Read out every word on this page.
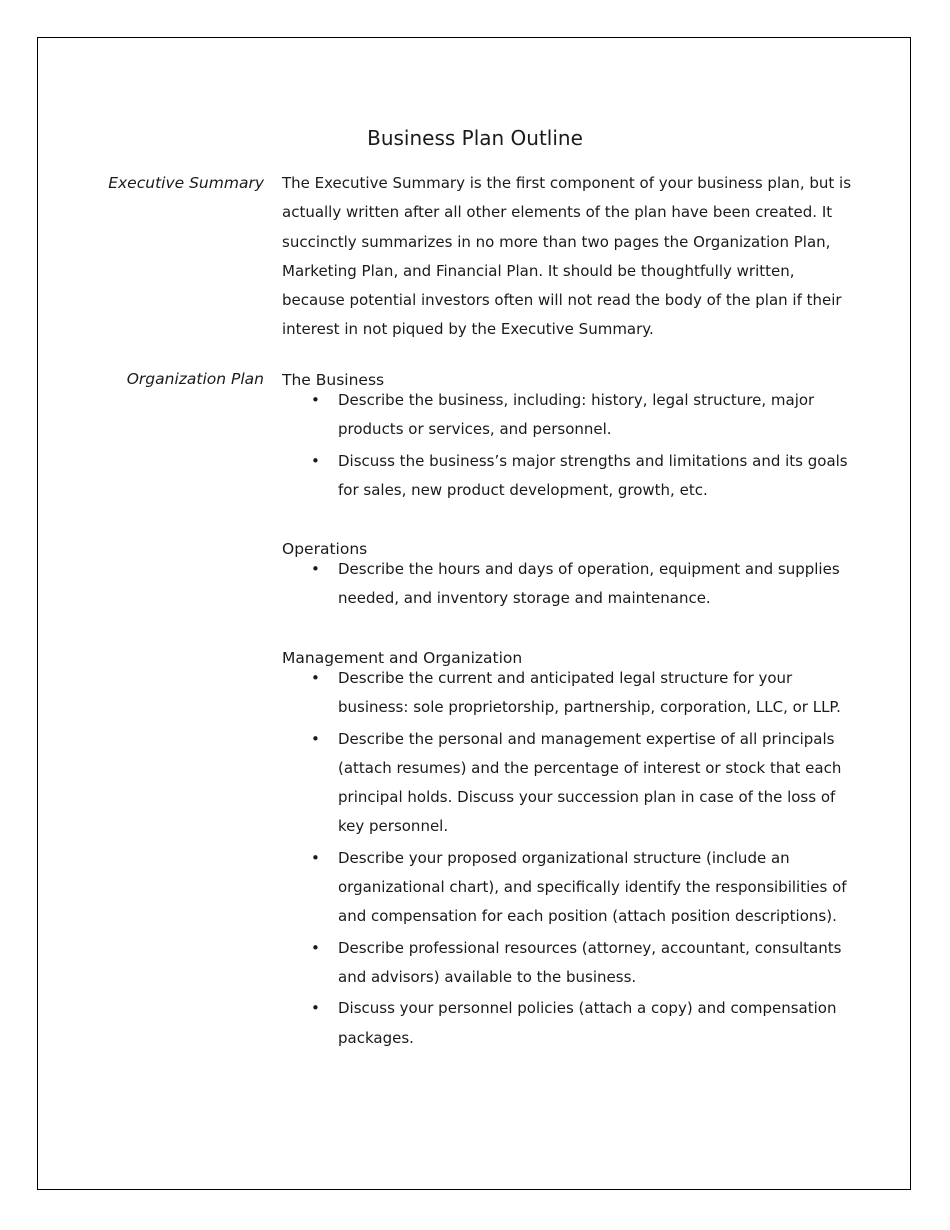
Business Plan Outline

Executive Summary The Executive Summary is the first component of your business plan, but is actually written after all other elements of the plan have been created. It succinctly summarizes in no more than two pages the Organization Plan, Marketing Plan, and Financial Plan. It should be thoughtfully written, because potential investors often will not read the body of the plan if their interest in not piqued by the Executive Summary.

Organization Plan The Business
• Describe the business, including: history, legal structure, major products or services, and personnel.
• Discuss the business’s major strengths and limitations and its goals for sales, new product development, growth, etc.
Operations
• Describe the hours and days of operation, equipment and supplies needed, and inventory storage and maintenance.
Management and Organization
• Describe the current and anticipated legal structure for your business: sole proprietorship, partnership, corporation, LLC, or LLP.
• Describe the personal and management expertise of all principals (attach resumes) and the percentage of interest or stock that each principal holds. Discuss your succession plan in case of the loss of key personnel.
• Describe your proposed organizational structure (include an organizational chart), and specifically identify the responsibilities of and compensation for each position (attach position descriptions).
• Describe professional resources (attorney, accountant, consultants and advisors) available to the business.
• Discuss your personnel policies (attach a copy) and compensation packages.
